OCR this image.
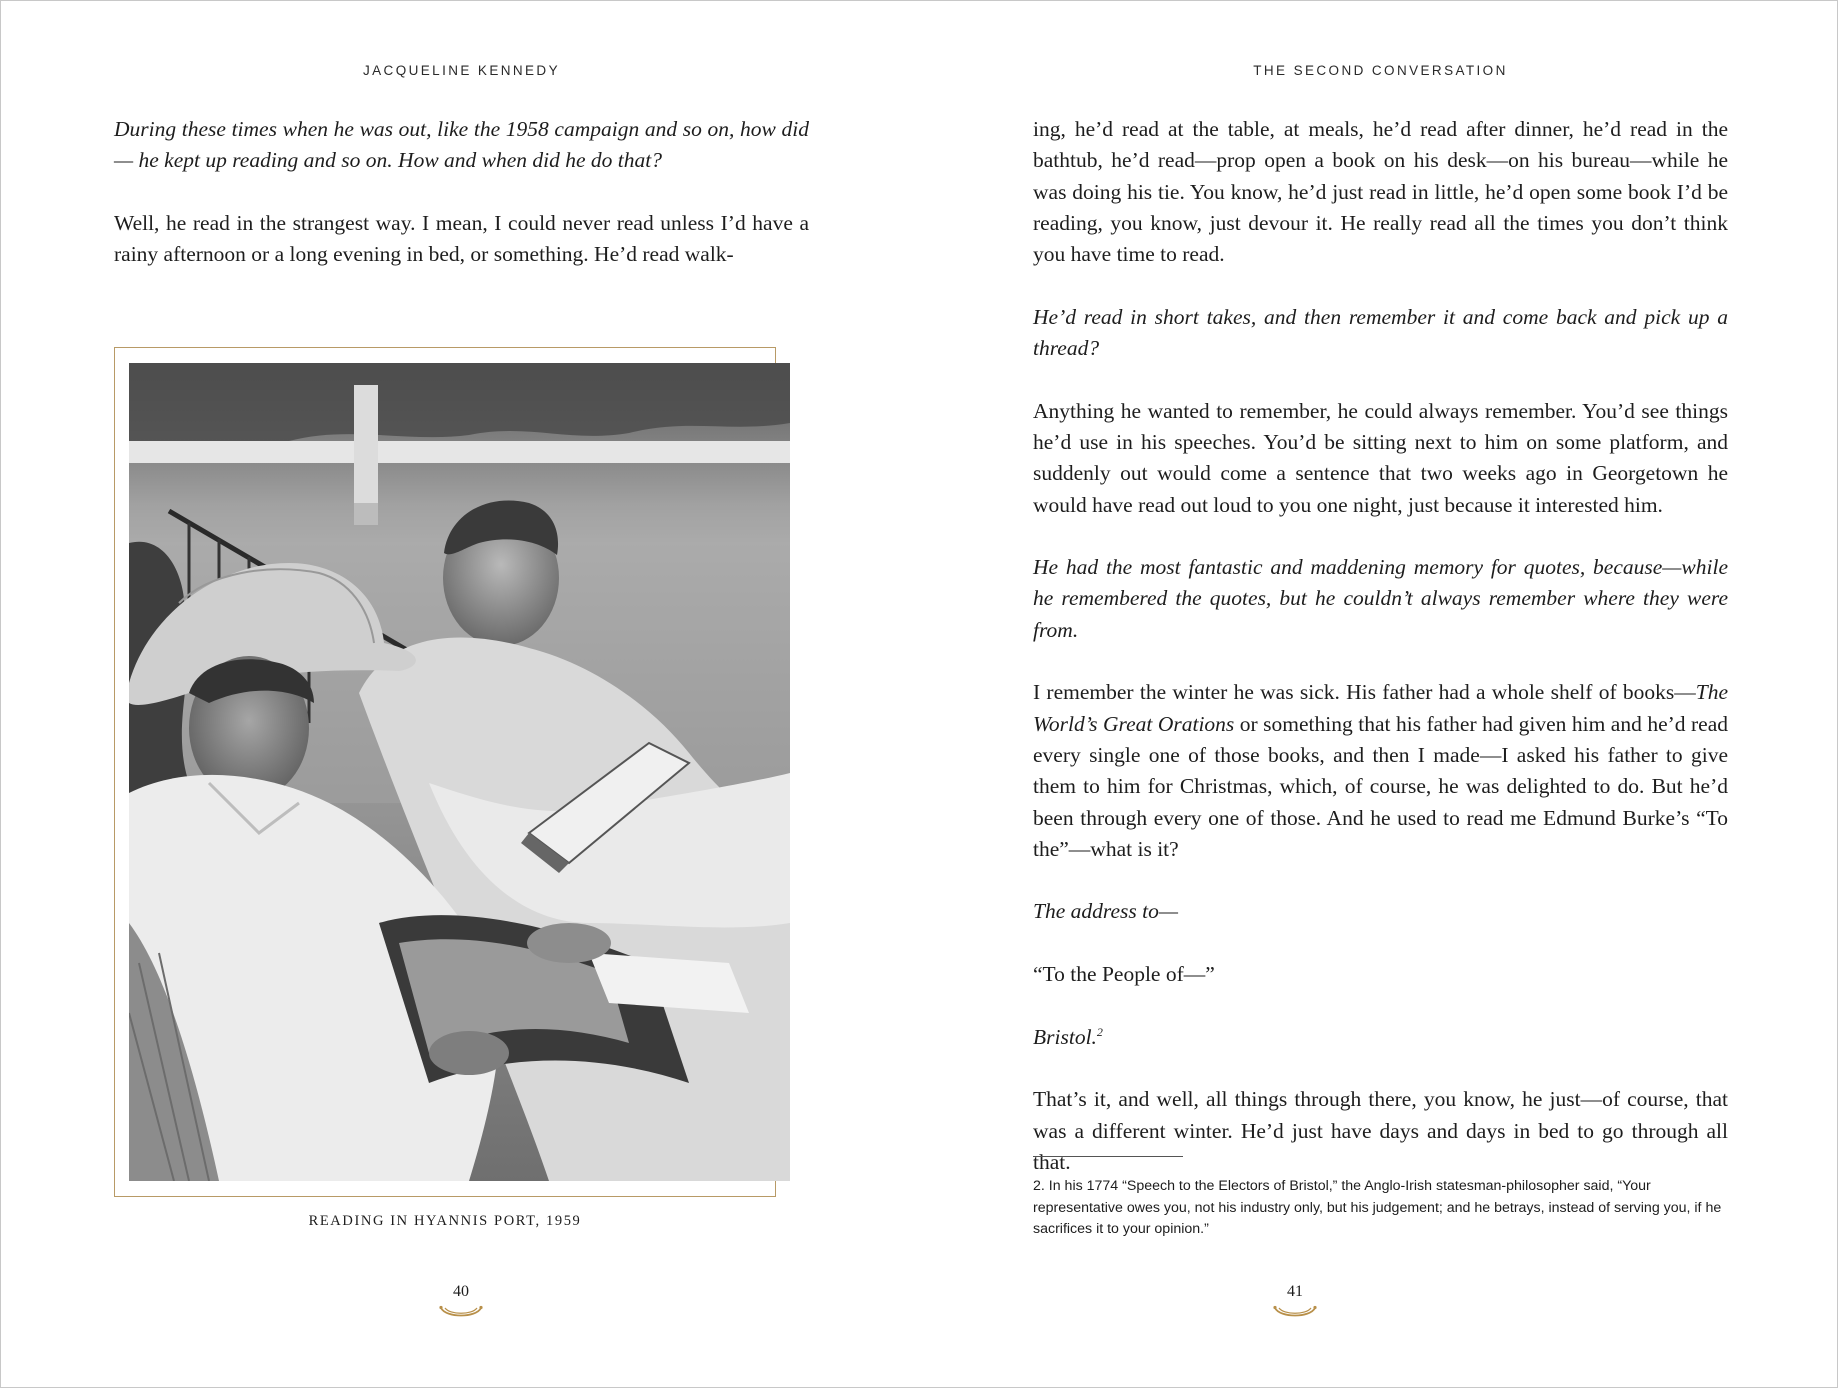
JACQUELINE KENNEDY

During these times when he was out, like the 1958 campaign and so on, how did— he kept up reading and so on. How and when did he do that?

Well, he read in the strangest way. I mean, I could never read unless I’d have a rainy afternoon or a long evening in bed, or something. He’d read walk-

READING IN HYANNIS PORT, 1959
40
THE SECOND CONVERSATION

ing, he’d read at the table, at meals, he’d read after dinner, he’d read in the bathtub, he’d read—prop open a book on his desk—on his bureau—while he was doing his tie. You know, he’d just read in little, he’d open some book I’d be reading, you know, just devour it. He really read all the times you don’t think you have time to read.

He’d read in short takes, and then remember it and come back and pick up a thread?

Anything he wanted to remember, he could always remember. You’d see things he’d use in his speeches. You’d be sitting next to him on some platform, and suddenly out would come a sentence that two weeks ago in Georgetown he would have read out loud to you one night, just because it interested him.

He had the most fantastic and maddening memory for quotes, because—while he remembered the quotes, but he couldn’t always remember where they were from.

I remember the winter he was sick. His father had a whole shelf of books—The World’s Great Orations or something that his father had given him and he’d read every single one of those books, and then I made—I asked his father to give them to him for Christmas, which, of course, he was delighted to do. But he’d been through every one of those. And he used to read me Edmund Burke’s “To the”—what is it?

The address to—

“To the People of—”

Bristol.$^2$

That’s it, and well, all things through there, you know, he just—of course, that was a different winter. He’d just have days and days in bed to go through all that.

2. In his 1774 “Speech to the Electors of Bristol,” the Anglo-Irish statesman-philosopher said, “Your representative owes you, not his industry only, but his judgement; and he betrays, instead of serving you, if he sacrifices it to your opinion.”
41
